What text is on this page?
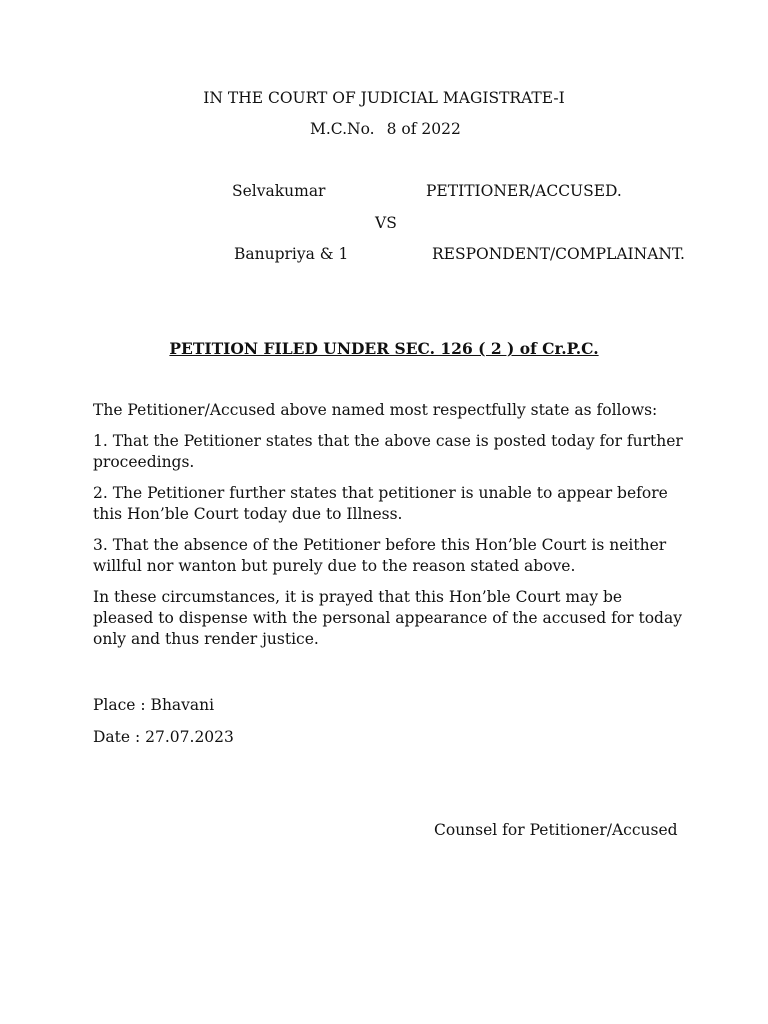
IN THE COURT OF JUDICIAL MAGISTRATE-I
M.C.No. 8 of 2022
Selvakumar	PETITIONER/ACCUSED.
VS
Banupriya & 1	RESPONDENT/COMPLAINANT.
PETITION FILED UNDER SEC. 126 ( 2 ) of Cr.P.C.

The Petitioner/Accused above named most respectfully state as follows:

1. That the Petitioner states that the above case is posted today for further proceedings.

2. The Petitioner further states that petitioner is unable to appear before this Hon’ble Court today due to Illness.

3. That the absence of the Petitioner before this Hon’ble Court is neither willful nor wanton but purely due to the reason stated above.

In these circumstances, it is prayed that this Hon’ble Court may be pleased to dispense with the personal appearance of the accused for today only and thus render justice.

Place : Bhavani
Date : 27.07.2023
Counsel for Petitioner/Accused
